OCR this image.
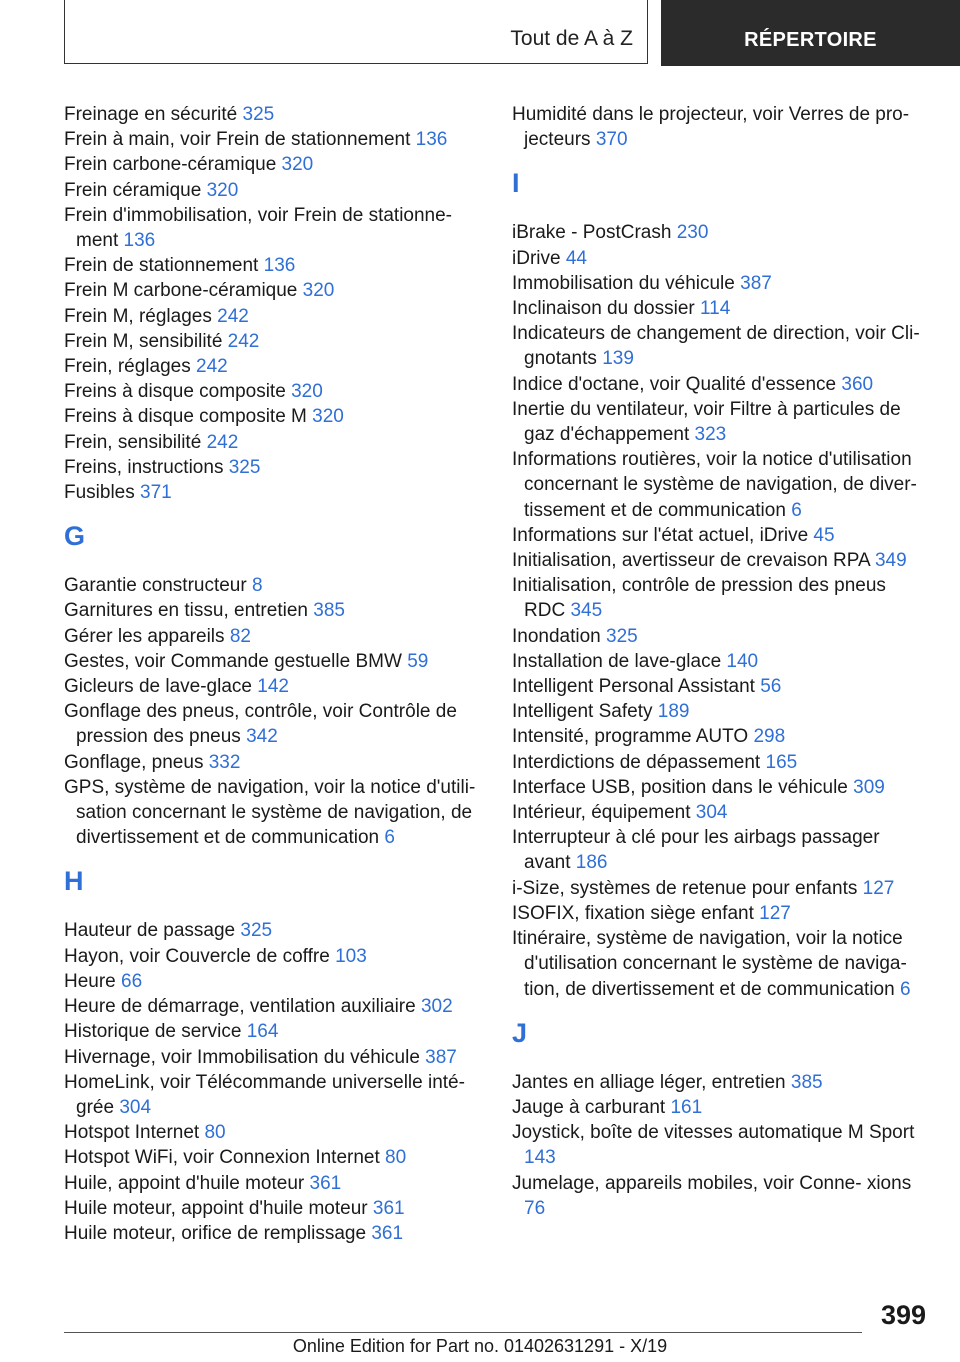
Tout de A à Z	RÉPERTOIRE
Freinage en sécurité 325
Frein à main, voir Frein de stationnement 136
Frein carbone-céramique 320
Frein céramique 320
Frein d'immobilisation, voir Frein de stationne‐ ment 136
Frein de stationnement 136
Frein M carbone-céramique 320
Frein M, réglages 242
Frein M, sensibilité 242
Frein, réglages 242
Freins à disque composite 320
Freins à disque composite M 320
Frein, sensibilité 242
Freins, instructions 325
Fusibles 371
G
Garantie constructeur 8
Garnitures en tissu, entretien 385
Gérer les appareils 82
Gestes, voir Commande gestuelle BMW 59
Gicleurs de lave-glace 142
Gonflage des pneus, contrôle, voir Contrôle de pression des pneus 342
Gonflage, pneus 332
GPS, système de navigation, voir la notice d'utili‐ sation concernant le système de navigation, de divertissement et de communication 6
H
Hauteur de passage 325
Hayon, voir Couvercle de coffre 103
Heure 66
Heure de démarrage, ventilation auxiliaire 302
Historique de service 164
Hivernage, voir Immobilisation du véhicule 387
HomeLink, voir Télécommande universelle inté‐ grée 304
Hotspot Internet 80
Hotspot WiFi, voir Connexion Internet 80
Huile, appoint d'huile moteur 361
Huile moteur, appoint d'huile moteur 361
Huile moteur, orifice de remplissage 361
Humidité dans le projecteur, voir Verres de pro‐ jecteurs 370
I
iBrake - PostCrash 230
iDrive 44
Immobilisation du véhicule 387
Inclinaison du dossier 114
Indicateurs de changement de direction, voir Cli‐ gnotants 139
Indice d'octane, voir Qualité d'essence 360
Inertie du ventilateur, voir Filtre à particules de gaz d'échappement 323
Informations routières, voir la notice d'utilisation concernant le système de navigation, de diver‐ tissement et de communication 6
Informations sur l'état actuel, iDrive 45
Initialisation, avertisseur de crevaison RPA 349
Initialisation, contrôle de pression des pneus RDC 345
Inondation 325
Installation de lave-glace 140
Intelligent Personal Assistant 56
Intelligent Safety 189
Intensité, programme AUTO 298
Interdictions de dépassement 165
Interface USB, position dans le véhicule 309
Intérieur, équipement 304
Interrupteur à clé pour les airbags passager avant 186
i-Size, systèmes de retenue pour enfants 127
ISOFIX, fixation siège enfant 127
Itinéraire, système de navigation, voir la notice d'utilisation concernant le système de naviga‐ tion, de divertissement et de communication 6
J
Jantes en alliage léger, entretien 385
Jauge à carburant 161
Joystick, boîte de vitesses automatique M Sport 143
Jumelage, appareils mobiles, voir Conne‐ xions 76
399
Online Edition for Part no. 01402631291 - X/19
